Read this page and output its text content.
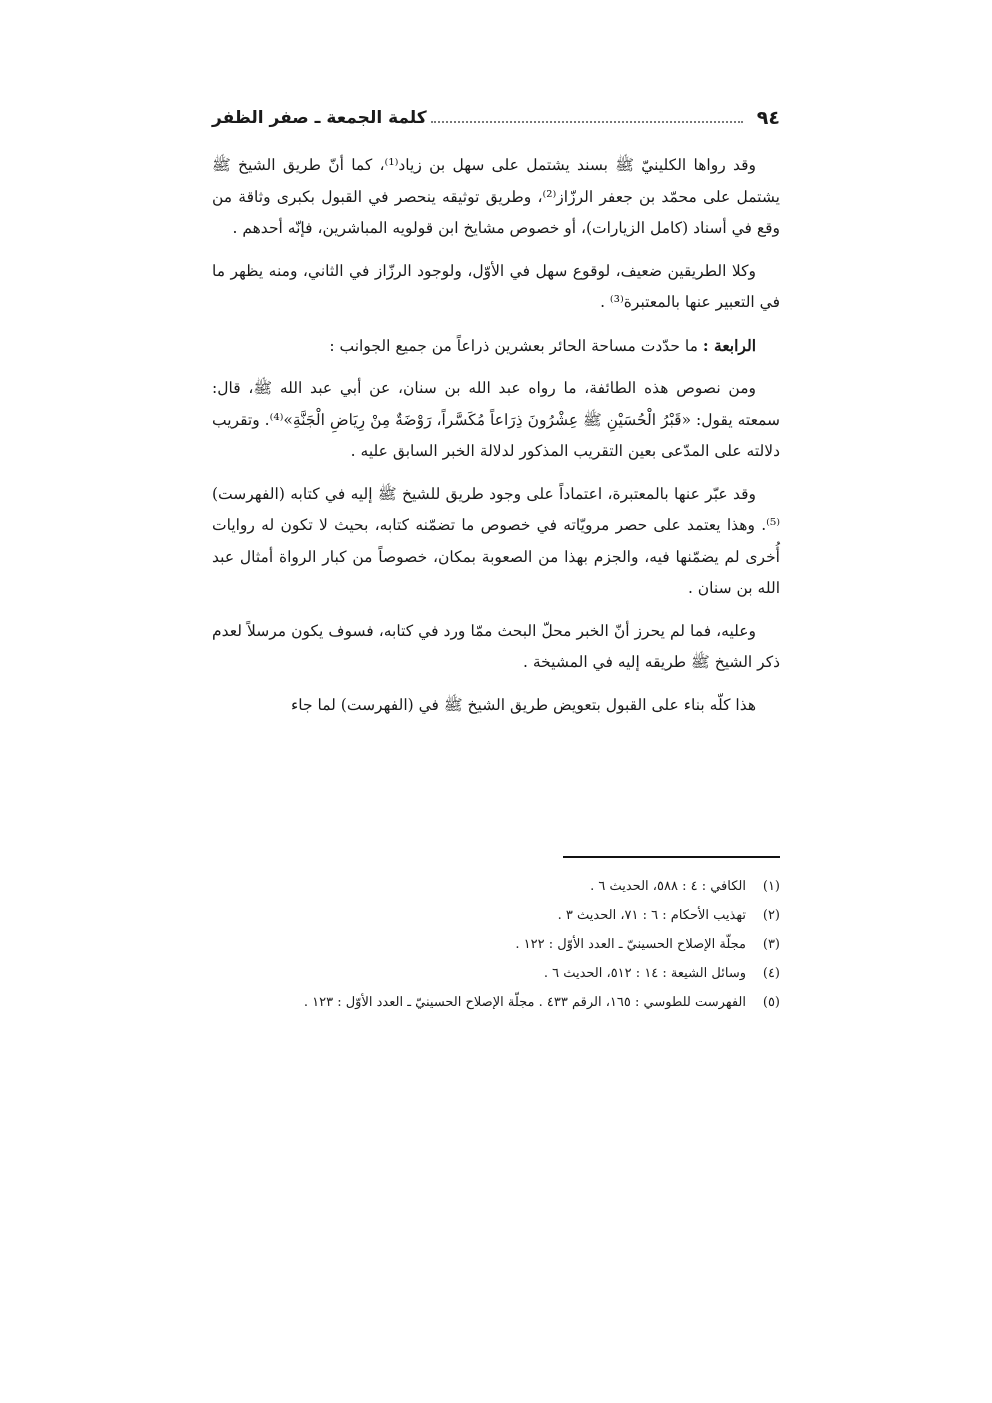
٩٤
كلمة الجمعة ـ صفر الظفر

وقد رواها الكلينيّ ﷺ بسند يشتمل على سهل بن زياد⁽¹⁾، كما أنّ طريق الشيخ ﷺ يشتمل على محمّد بن جعفر الرزّاز⁽²⁾، وطريق توثيقه ينحصر في القبول بكبرى وثاقة من وقع في أسناد (كامل الزيارات)، أو خصوص مشايخ ابن قولويه المباشرين، فإنّه أحدهم .

وكلا الطريقين ضعيف، لوقوع سهل في الأوّل، ولوجود الرزّاز في الثاني، ومنه يظهر ما في التعبير عنها بالمعتبرة⁽³⁾ .

الرابعة : ما حدّدت مساحة الحائر بعشرين ذراعاً من جميع الجوانب :

ومن نصوص هذه الطائفة، ما رواه عبد الله بن سنان، عن أبي عبد الله ﷺ، قال: سمعته يقول: «قَبْرُ الْحُسَيْنِ ﷺ عِشْرُونَ ذِرَاعاً مُكَسَّراً، رَوْضَةٌ مِنْ رِيَاضِ الْجَنَّةِ»⁽⁴⁾. وتقريب دلالته على المدّعى بعين التقريب المذكور لدلالة الخبر السابق عليه .

وقد عبّر عنها بالمعتبرة، اعتماداً على وجود طريق للشيخ ﷺ إليه في كتابه (الفهرست)⁽⁵⁾. وهذا يعتمد على حصر مرويّاته في خصوص ما تضمّنه كتابه، بحيث لا تكون له روايات أُخرى لم يضمّنها فيه، والجزم بهذا من الصعوبة بمكان، خصوصاً من كبار الرواة أمثال عبد الله بن سنان .

وعليه، فما لم يحرز أنّ الخبر محلّ البحث ممّا ورد في كتابه، فسوف يكون مرسلاً لعدم ذكر الشيخ ﷺ طريقه إليه في المشيخة .

هذا كلّه بناء على القبول بتعويض طريق الشيخ ﷺ في (الفهرست) لما جاء

(١)
الكافي : ٤ : ٥٨٨، الحديث ٦ .
(٢)
تهذيب الأحكام : ٦ : ٧١، الحديث ٣ .
(٣)
مجلّة الإصلاح الحسينيّ ـ العدد الأوّل : ١٢٢ .
(٤)
وسائل الشيعة : ١٤ : ٥١٢، الحديث ٦ .
(٥)
الفهرست للطوسي : ١٦٥، الرقم ٤٣٣ . مجلّة الإصلاح الحسينيّ ـ العدد الأوّل : ١٢٣ .
